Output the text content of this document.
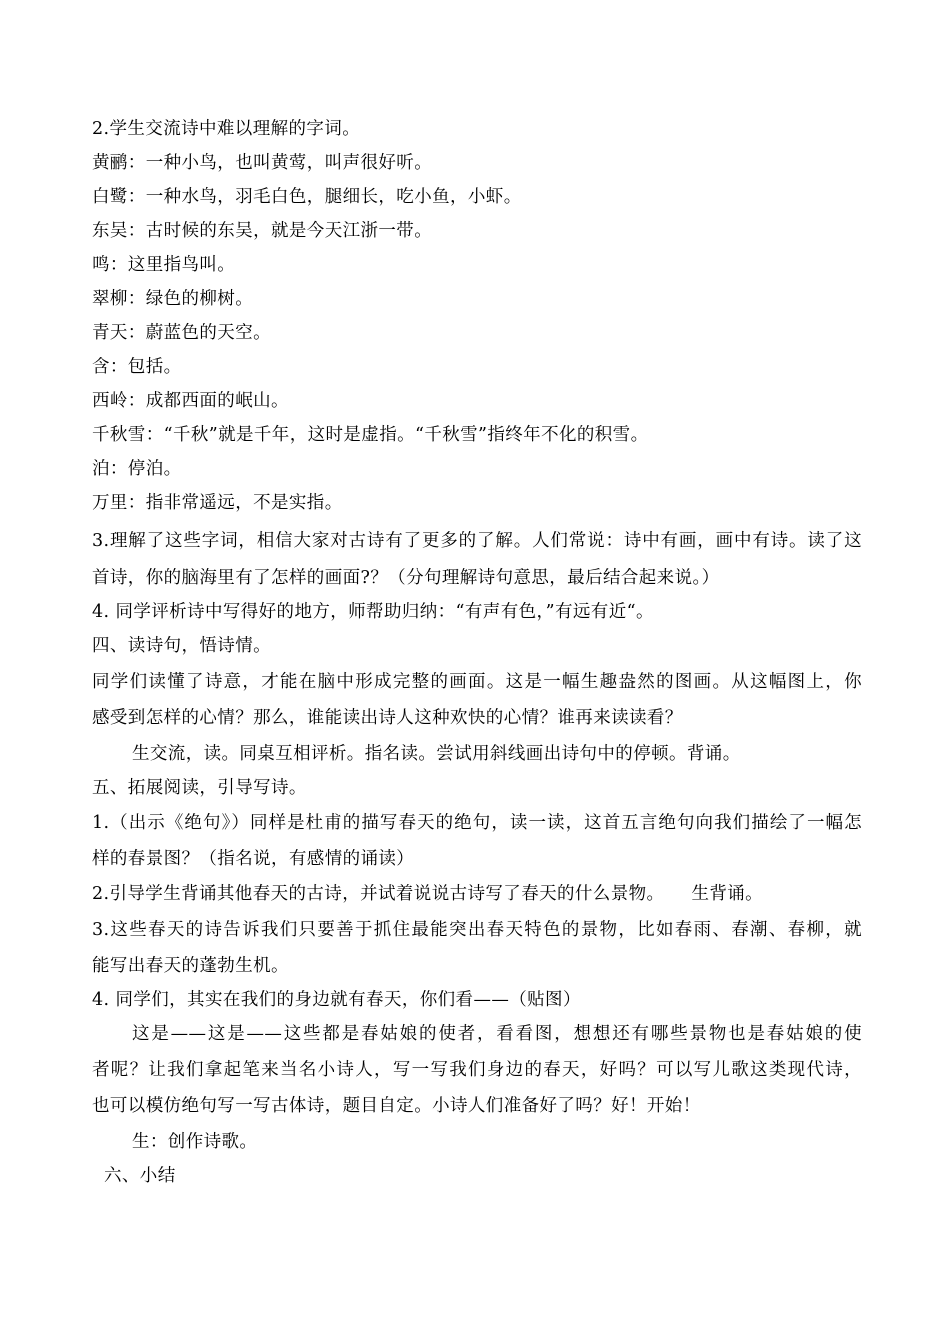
2.学生交流诗中难以理解的字词。
黄鹂：一种小鸟，也叫黄莺，叫声很好听。
白鹭：一种水鸟，羽毛白色，腿细长，吃小鱼，小虾。
东吴：古时候的东吴，就是今天江浙一带。
鸣：这里指鸟叫。
翠柳：绿色的柳树。
青天：蔚蓝色的天空。
含：包括。
西岭：成都西面的岷山。
千秋雪：“千秋”就是千年，这时是虚指。“千秋雪”指终年不化的积雪。
泊：停泊。
万里：指非常遥远，不是实指。
3.理解了这些字词，相信大家对古诗有了更多的了解。人们常说：诗中有画，画中有诗。读了这
首诗，你的脑海里有了怎样的画面?？（分句理解诗句意思，最后结合起来说。）
4. 同学评析诗中写得好的地方，师帮助归纳：“有声有色，”有远有近“。
四、读诗句，悟诗情。
同学们读懂了诗意，才能在脑中形成完整的画面。这是一幅生趣盎然的图画。从这幅图上，你
感受到怎样的心情？那么，谁能读出诗人这种欢快的心情？谁再来读读看？
生交流，读。同桌互相评析。指名读。尝试用斜线画出诗句中的停顿。背诵。
五、拓展阅读，引导写诗。
1.（出示《绝句》）同样是杜甫的描写春天的绝句，读一读，这首五言绝句向我们描绘了一幅怎
样的春景图？（指名说，有感情的诵读）
2.引导学生背诵其他春天的古诗，并试着说说古诗写了春天的什么景物。　　生背诵。
3.这些春天的诗告诉我们只要善于抓住最能突出春天特色的景物，比如春雨、春潮、春柳，就
能写出春天的蓬勃生机。
4. 同学们，其实在我们的身边就有春天，你们看——（贴图）
这是——这是——这些都是春姑娘的使者，看看图，想想还有哪些景物也是春姑娘的使
者呢？让我们拿起笔来当名小诗人，写一写我们身边的春天，好吗？可以写儿歌这类现代诗，
也可以模仿绝句写一写古体诗，题目自定。小诗人们准备好了吗？好！开始！
生：创作诗歌。
六、小结
